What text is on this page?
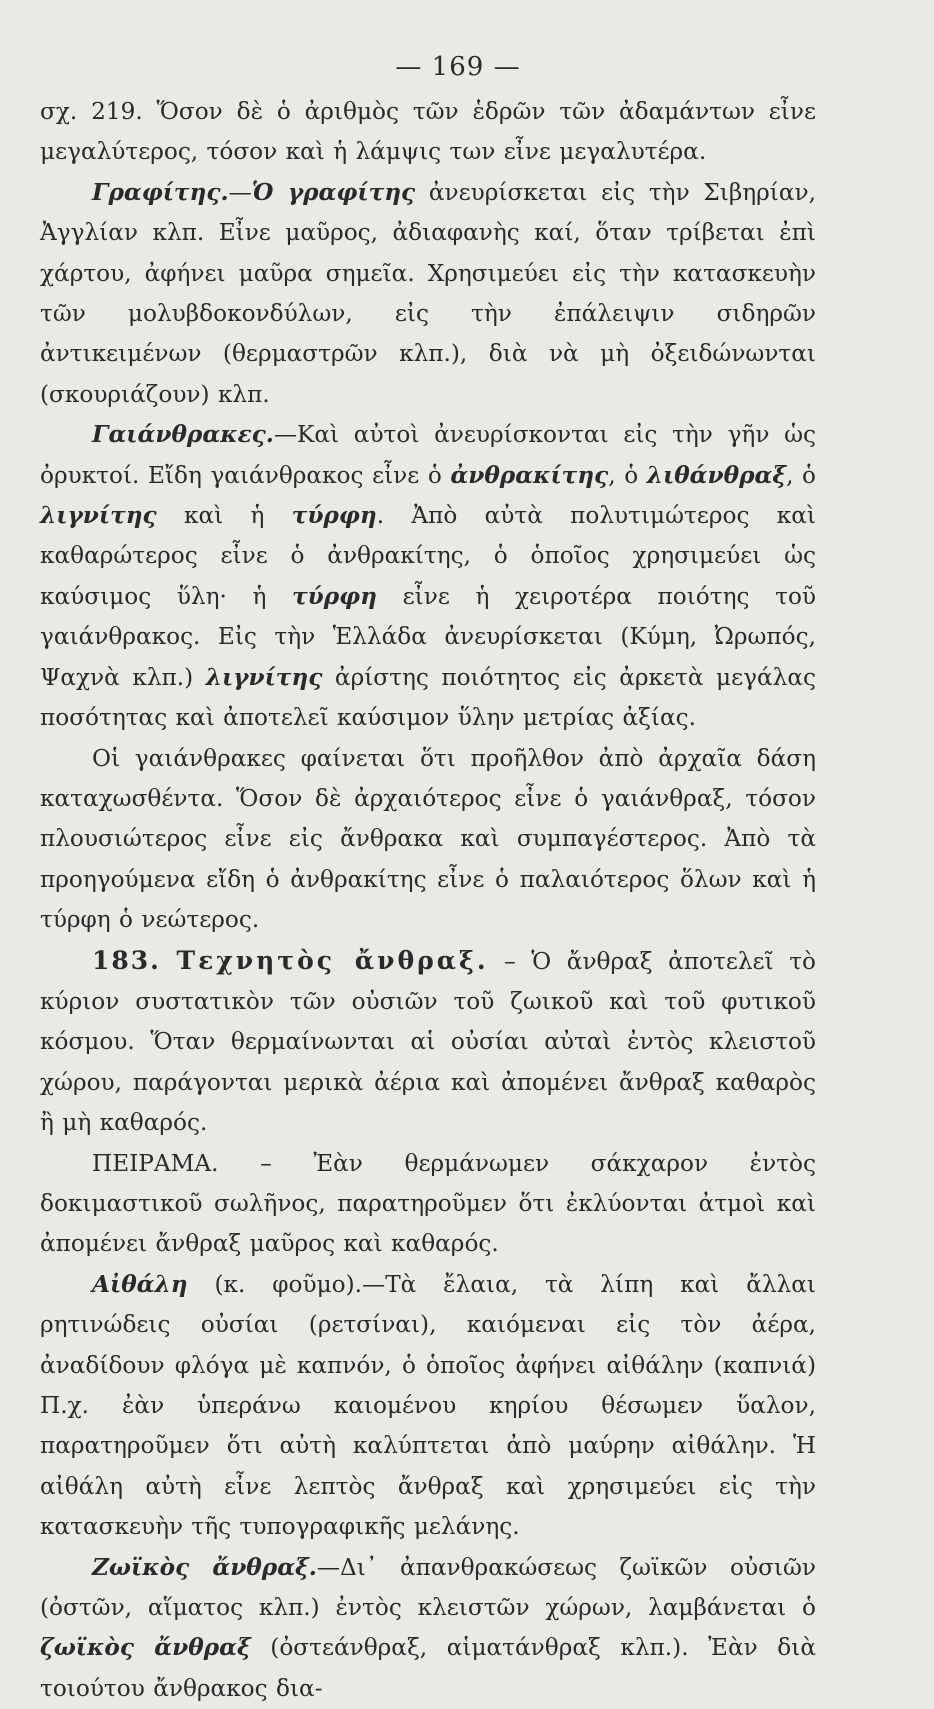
— 169 —

σχ. 219. Ὅσον δὲ ὁ ἀριθμὸς τῶν ἑδρῶν τῶν ἀδαμάντων εἶνε μεγαλύτερος, τόσον καὶ ἡ λάμψις των εἶνε μεγαλυτέρα.

Γραφίτης.—Ὁ γραφίτης ἀνευρίσκεται εἰς τὴν Σιβηρίαν, Ἀγγλίαν κλπ. Εἶνε μαῦρος, ἀδιαφανὴς καί, ὅταν τρίβεται ἐπὶ χάρτου, ἀφήνει μαῦρα σημεῖα. Χρησιμεύει εἰς τὴν κατασκευὴν τῶν μολυβδοκονδύλων, εἰς τὴν ἐπάλειψιν σιδηρῶν ἀντικειμένων (θερμαστρῶν κλπ.), διὰ νὰ μὴ ὀξειδώνωνται (σκουριάζουν) κλπ.

Γαιάνθρακες.—Καὶ αὐτοὶ ἀνευρίσκονται εἰς τὴν γῆν ὡς ὀρυκτοί. Εἴδη γαιάνθρακος εἶνε ὁ ἀνθρακίτης, ὁ λιθάνθραξ, ὁ λιγνίτης καὶ ἡ τύρφη. Ἀπὸ αὐτὰ πολυτιμώτερος καὶ καθαρώτερος εἶνε ὁ ἀνθρακίτης, ὁ ὁποῖος χρησιμεύει ὡς καύσιμος ὕλη· ἡ τύρφη εἶνε ἡ χειροτέρα ποιότης τοῦ γαιάνθρακος. Εἰς τὴν Ἑλλάδα ἀνευρίσκεται (Κύμη, Ὠρωπός, Ψαχνὰ κλπ.) λιγνίτης ἀρίστης ποιότητος εἰς ἀρκετὰ μεγάλας ποσότητας καὶ ἀποτελεῖ καύσιμον ὕλην μετρίας ἀξίας.

Οἱ γαιάνθρακες φαίνεται ὅτι προῆλθον ἀπὸ ἀρχαῖα δάση καταχωσθέντα. Ὅσον δὲ ἀρχαιότερος εἶνε ὁ γαιάνθραξ, τόσον πλουσιώτερος εἶνε εἰς ἄνθρακα καὶ συμπαγέστερος. Ἀπὸ τὰ προηγούμενα εἴδη ὁ ἀνθρακίτης εἶνε ὁ παλαιότερος ὅλων καὶ ἡ τύρφη ὁ νεώτερος.

183. Τεχνητὸς ἄνθραξ. – Ὁ ἄνθραξ ἀποτελεῖ τὸ κύριον συστατικὸν τῶν οὐσιῶν τοῦ ζωικοῦ καὶ τοῦ φυτικοῦ κόσμου. Ὅταν θερμαίνωνται αἱ οὐσίαι αὐταὶ ἐντὸς κλειστοῦ χώρου, παράγονται μερικὰ ἀέρια καὶ ἀπομένει ἄνθραξ καθαρὸς ἢ μὴ καθαρός.

ΠΕΙΡΑΜΑ. – Ἐὰν θερμάνωμεν σάκχαρον ἐντὸς δοκιμαστικοῦ σωλῆνος, παρατηροῦμεν ὅτι ἐκλύονται ἀτμοὶ καὶ ἀπομένει ἄνθραξ μαῦρος καὶ καθαρός.

Αἰθάλη (κ. φοῦμο).—Τὰ ἔλαια, τὰ λίπη καὶ ἄλλαι ρητινώδεις οὐσίαι (ρετσίναι), καιόμεναι εἰς τὸν ἀέρα, ἀναδίδουν φλόγα μὲ καπνόν, ὁ ὁποῖος ἀφήνει αἰθάλην (καπνιά) Π.χ. ἐὰν ὑπεράνω καιομένου κηρίου θέσωμεν ὕαλον, παρατηροῦμεν ὅτι αὐτὴ καλύπτεται ἀπὸ μαύρην αἰθάλην. Ἡ αἰθάλη αὐτὴ εἶνε λεπτὸς ἄνθραξ καὶ χρησιμεύει εἰς τὴν κατασκευὴν τῆς τυπογραφικῆς μελάνης.

Ζωϊκὸς ἄνθραξ.—Δι᾽ ἀπανθρακώσεως ζωϊκῶν οὐσιῶν (ὀστῶν, αἵματος κλπ.) ἐντὸς κλειστῶν χώρων, λαμβάνεται ὁ ζωϊκὸς ἄνθραξ (ὀστεάνθραξ, αἱματάνθραξ κλπ.). Ἐὰν διὰ τοιούτου ἄνθρακος δια-
